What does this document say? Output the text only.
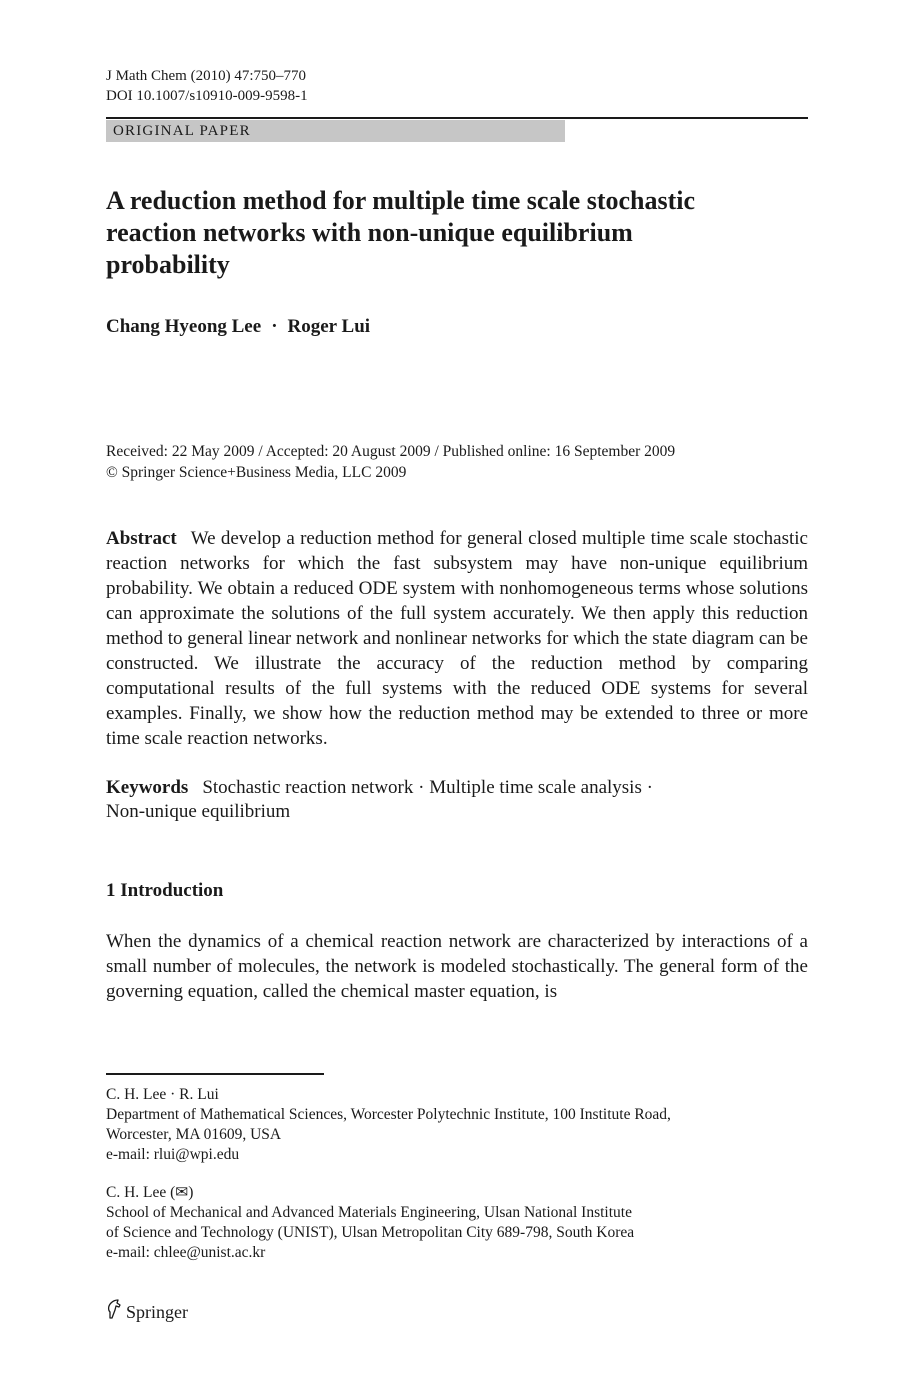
J Math Chem (2010) 47:750–770
DOI 10.1007/s10910-009-9598-1
ORIGINAL PAPER
A reduction method for multiple time scale stochastic
reaction networks with non-unique equilibrium
probability
Chang Hyeong Lee · Roger Lui
Received: 22 May 2009 / Accepted: 20 August 2009 / Published online: 16 September 2009
© Springer Science+Business Media, LLC 2009
Abstract We develop a reduction method for general closed multiple time scale stochastic reaction networks for which the fast subsystem may have non-unique equilibrium probability. We obtain a reduced ODE system with nonhomogeneous terms whose solutions can approximate the solutions of the full system accurately. We then apply this reduction method to general linear network and nonlinear networks for which the state diagram can be constructed. We illustrate the accuracy of the reduction method by comparing computational results of the full systems with the reduced ODE systems for several examples. Finally, we show how the reduction method may be extended to three or more time scale reaction networks.
Keywords Stochastic reaction network · Multiple time scale analysis ·
Non-unique equilibrium
1 Introduction
When the dynamics of a chemical reaction network are characterized by interactions of a small number of molecules, the network is modeled stochastically. The general form of the governing equation, called the chemical master equation, is
C. H. Lee · R. Lui
Department of Mathematical Sciences, Worcester Polytechnic Institute, 100 Institute Road,
Worcester, MA 01609, USA
e-mail: rlui@wpi.edu
C. H. Lee (✉)
School of Mechanical and Advanced Materials Engineering, Ulsan National Institute
of Science and Technology (UNIST), Ulsan Metropolitan City 689-798, South Korea
e-mail: chlee@unist.ac.kr
Springer
